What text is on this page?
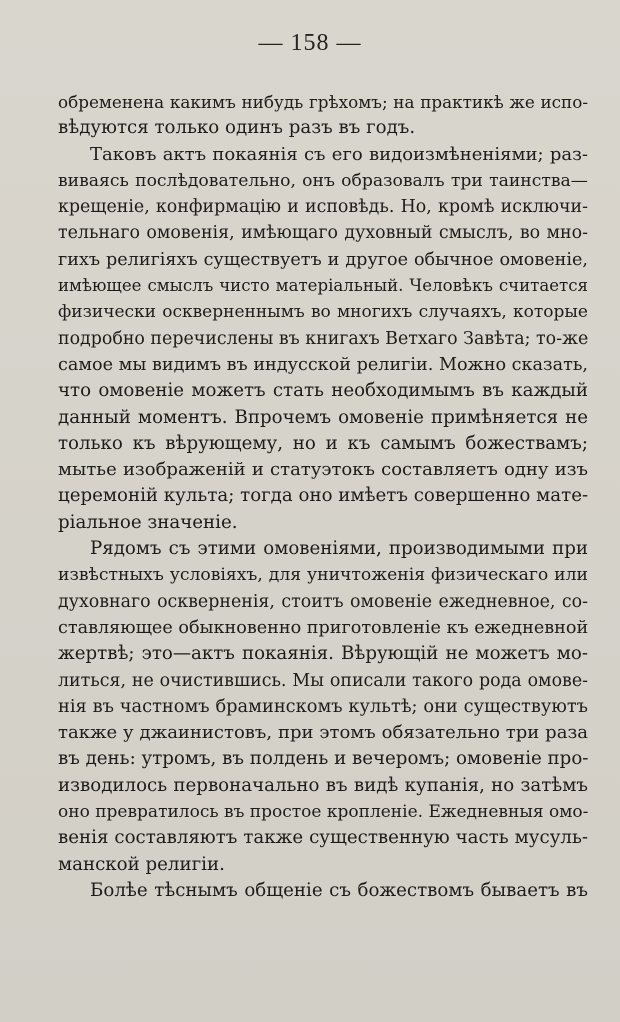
— 158 —
обременена какимъ нибудь грѣхомъ; на практикѣ же испо-
вѣдуются только одинъ разъ въ годъ.
Таковъ актъ покаянія съ его видоизмѣненіями; раз-
виваясь послѣдовательно, онъ образовалъ три таинства—
крещеніе, конфирмацію и исповѣдь. Но, кромѣ исключи-
тельнаго омовенія, имѣющаго духовный смыслъ, во мно-
гихъ религіяхъ существуетъ и другое обычное омовеніе,
имѣющее смыслъ чисто матеріальный. Человѣкъ считается
физически оскверненнымъ во многихъ случаяхъ, которые
подробно перечислены въ книгахъ Ветхаго Завѣта; то-же
самое мы видимъ въ индусской религіи. Можно сказать,
что омовеніе можетъ стать необходимымъ въ каждый
данный моментъ. Впрочемъ омовеніе примѣняется не
только къ вѣрующему, но и къ самымъ божествамъ;
мытье изображеній и статуэтокъ составляетъ одну изъ
церемоній культа; тогда оно имѣетъ совершенно мате-
ріальное значеніе.
Рядомъ съ этими омовеніями, производимыми при
извѣстныхъ условіяхъ, для уничтоженія физическаго или
духовнаго оскверненія, стоитъ омовеніе ежедневное, со-
ставляющее обыкновенно приготовленіе къ ежедневной
жертвѣ; это—актъ покаянія. Вѣрующій не можетъ мо-
литься, не очистившись. Мы описали такого рода омове-
нія въ частномъ браминскомъ культѣ; они существуютъ
также у джаинистовъ, при этомъ обязательно три раза
въ день: утромъ, въ полдень и вечеромъ; омовеніе про-
изводилось первоначально въ видѣ купанія, но затѣмъ
оно превратилось въ простое кропленіе. Ежедневныя омо-
венія составляютъ также существенную часть мусуль-
манской религіи.
Болѣе тѣснымъ общеніе съ божествомъ бываетъ въ
